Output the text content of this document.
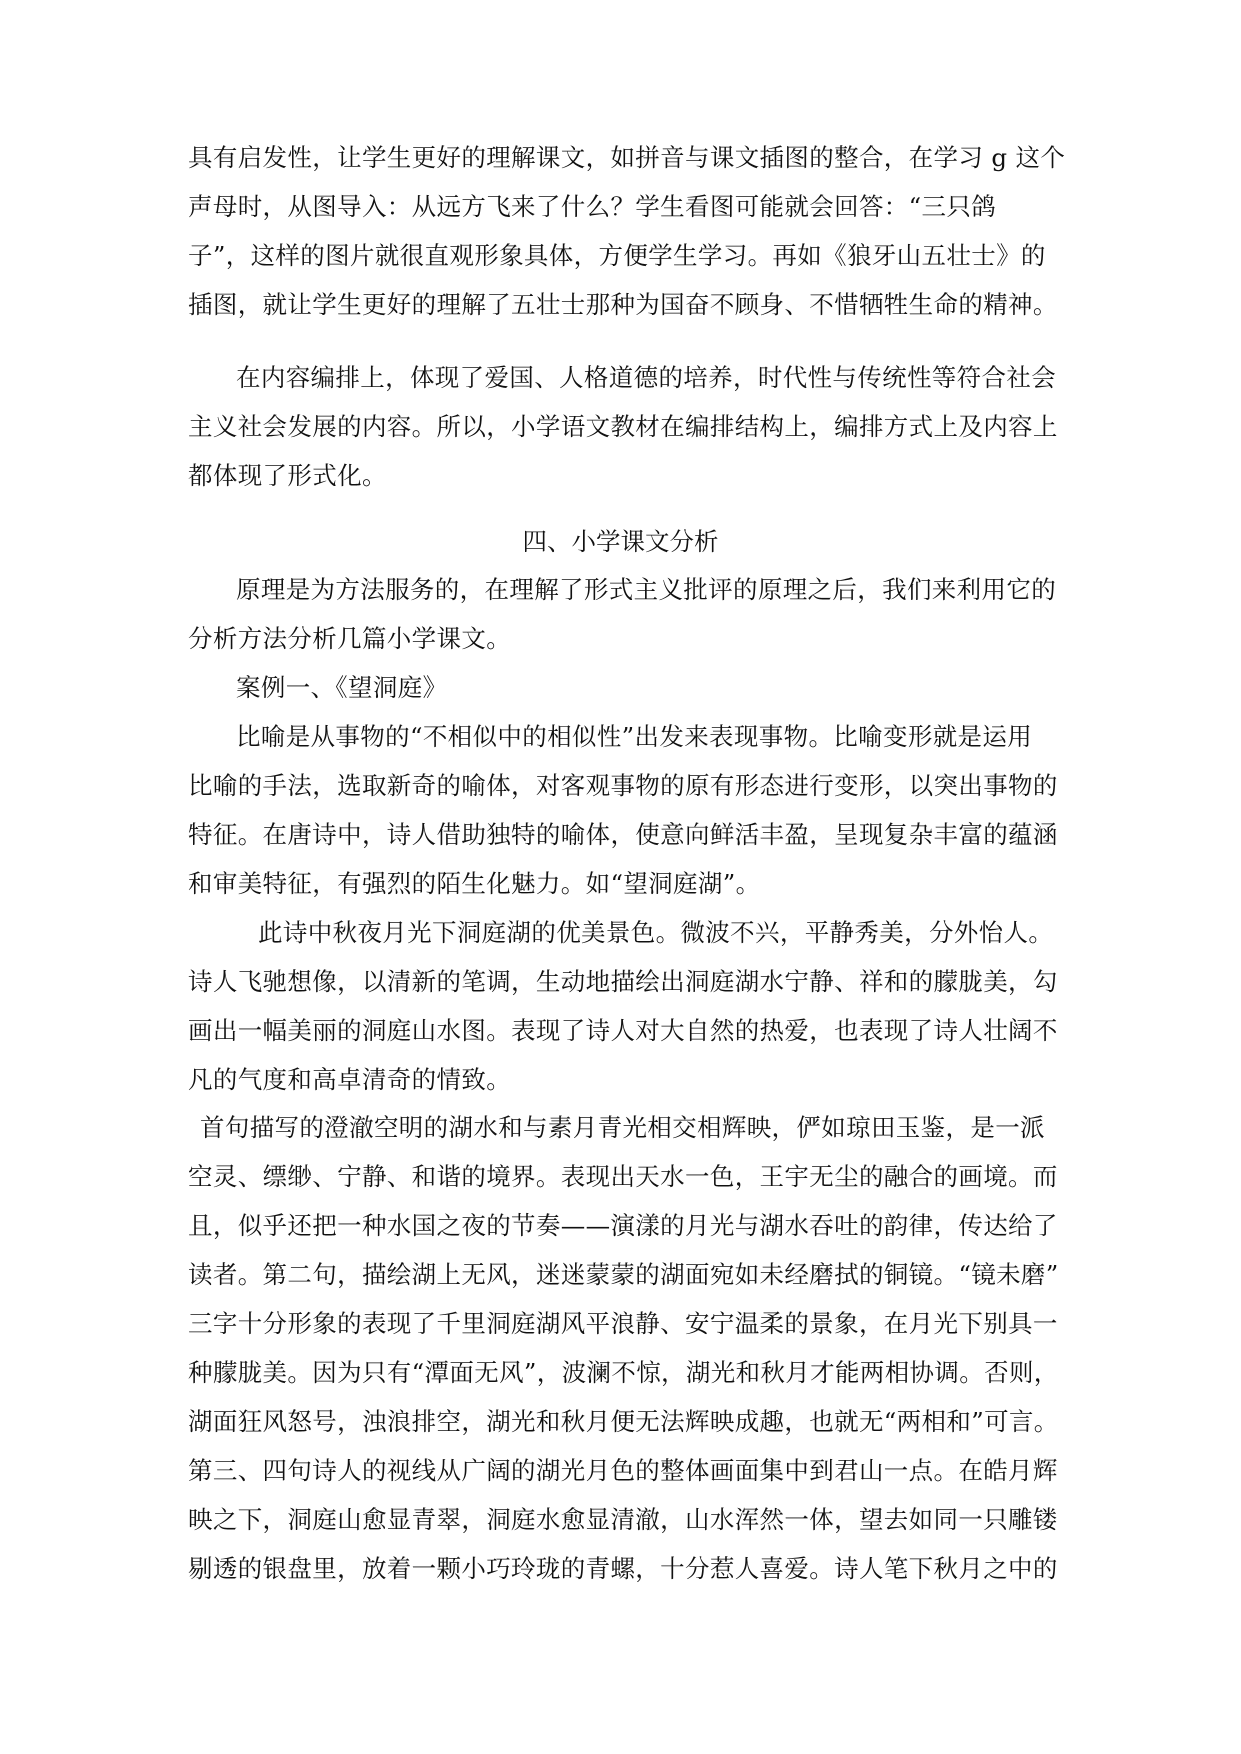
具有启发性，让学生更好的理解课文，如拼音与课文插图的整合，在学习 g 这个
声母时，从图导入：从远方飞来了什么？学生看图可能就会回答：“三只鸽
子”，这样的图片就很直观形象具体，方便学生学习。再如《狼牙山五壮士》的
插图，就让学生更好的理解了五壮士那种为国奋不顾身、不惜牺牲生命的精神。
在内容编排上，体现了爱国、人格道德的培养，时代性与传统性等符合社会
主义社会发展的内容。所以，小学语文教材在编排结构上，编排方式上及内容上
都体现了形式化。
四、小学课文分析
原理是为方法服务的，在理解了形式主义批评的原理之后，我们来利用它的
分析方法分析几篇小学课文。
案例一、《望洞庭》
比喻是从事物的“不相似中的相似性”出发来表现事物。比喻变形就是运用
比喻的手法，选取新奇的喻体，对客观事物的原有形态进行变形，以突出事物的
特征。在唐诗中，诗人借助独特的喻体，使意向鲜活丰盈，呈现复杂丰富的蕴涵
和审美特征，有强烈的陌生化魅力。如“望洞庭湖”。
此诗中秋夜月光下洞庭湖的优美景色。微波不兴，平静秀美，分外怡人。
诗人飞驰想像，以清新的笔调，生动地描绘出洞庭湖水宁静、祥和的朦胧美，勾
画出一幅美丽的洞庭山水图。表现了诗人对大自然的热爱，也表现了诗人壮阔不
凡的气度和高卓清奇的情致。
首句描写的澄澈空明的湖水和与素月青光相交相辉映，俨如琼田玉鉴，是一派
空灵、缥缈、宁静、和谐的境界。表现出天水一色，王宇无尘的融合的画境。而
且，似乎还把一种水国之夜的节奏——演漾的月光与湖水吞吐的韵律，传达给了
读者。第二句，描绘湖上无风，迷迷蒙蒙的湖面宛如未经磨拭的铜镜。“镜未磨”
三字十分形象的表现了千里洞庭湖风平浪静、安宁温柔的景象，在月光下别具一
种朦胧美。因为只有“潭面无风”，波澜不惊，湖光和秋月才能两相协调。否则，
湖面狂风怒号，浊浪排空，湖光和秋月便无法辉映成趣，也就无“两相和”可言。
第三、四句诗人的视线从广阔的湖光月色的整体画面集中到君山一点。在皓月辉
映之下，洞庭山愈显青翠，洞庭水愈显清澈，山水浑然一体，望去如同一只雕镂
剔透的银盘里，放着一颗小巧玲珑的青螺，十分惹人喜爱。诗人笔下秋月之中的
